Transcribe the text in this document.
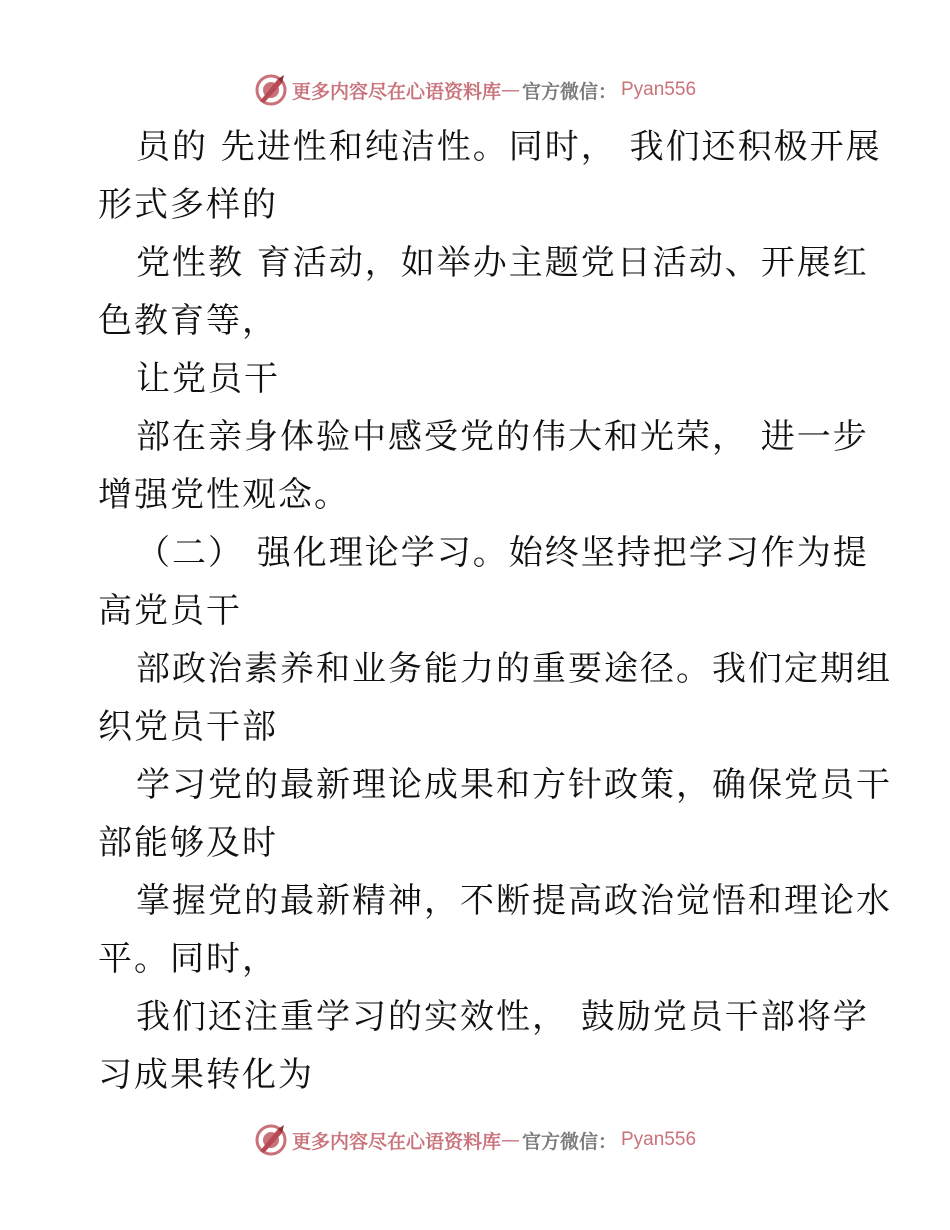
更多内容尽在心语资料库 — 官方微信： Pyan556
员的 先进性和纯洁性。同时， 我们还积极开展
形式多样的
党性教 育活动，如举办主题党日活动、开展红
色教育等，
让党员干
部在亲身体验中感受党的伟大和光荣， 进一步
增强党性观念。
（二） 强化理论学习。始终坚持把学习作为提
高党员干
部政治素养和业务能力的重要途径。我们定期组
织党员干部
学习党的最新理论成果和方针政策，确保党员干
部能够及时
掌握党的最新精神，不断提高政治觉悟和理论水
平。同时，
我们还注重学习的实效性， 鼓励党员干部将学
习成果转化为
更多内容尽在心语资料库 — 官方微信： Pyan556
